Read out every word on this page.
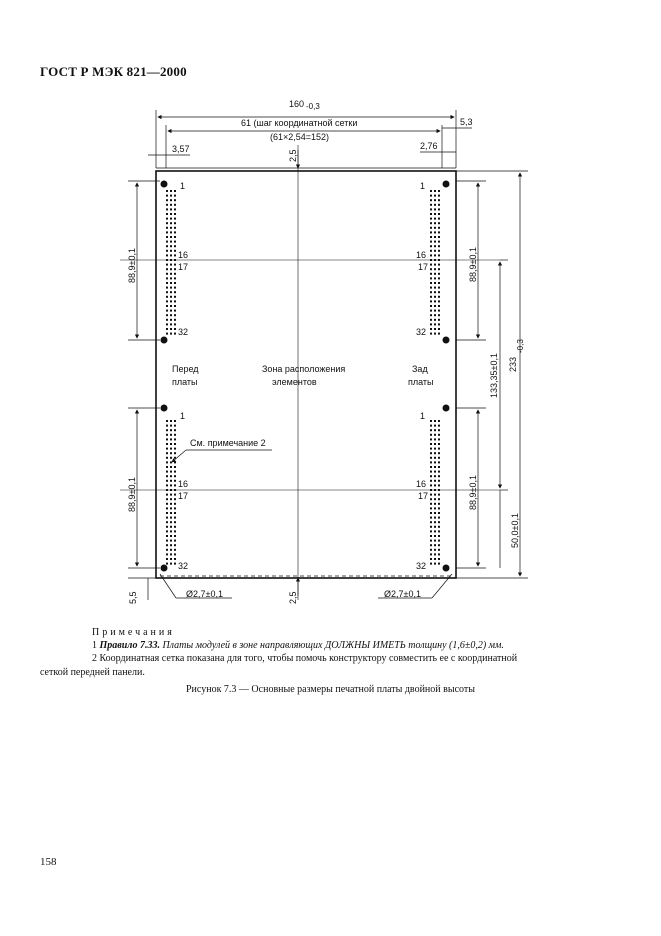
ГОСТ Р МЭК 821—2000
160 -0,3
61 (шаг координатной сетки
(61×2,54=152)
5,3
3,57	2,76
2,5
88,9±0,1
88,9±0,1
5,5
88,9±0,1
88,9±0,1
133,35±0,1
50,0±0,1
233
-0,3
1
16
17
32
1
16
17
32
1
16
17
32
1
16
17
32
Перед
платы
Зона расположения
элементов
Зад
платы
См. примечание 2
2,5
Ø2,7±0,1	Ø2,7±0,1

Примечания

1 Правило 7.33. Платы модулей в зоне направляющих ДОЛЖНЫ ИМЕТЬ толщину (1,6±0,2) мм.

2 Координатная сетка показана для того, чтобы помочь конструктору совместить ее с координатной

сеткой передней панели.

Рисунок 7.3 — Основные размеры печатной платы двойной высоты
158
